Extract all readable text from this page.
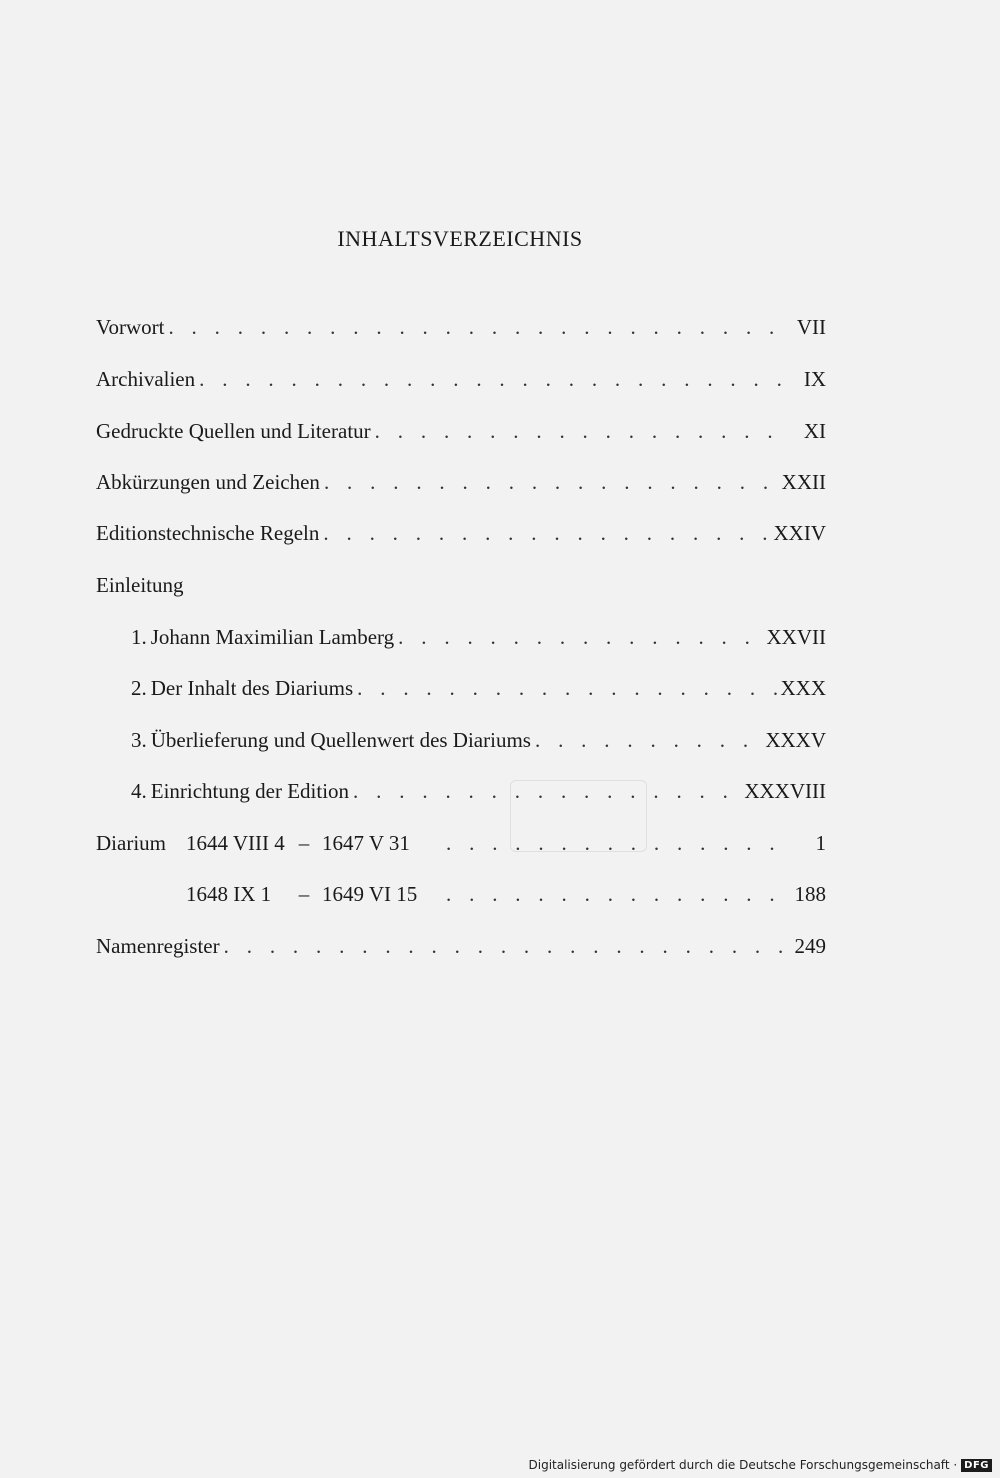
INHALTSVERZEICHNIS
Vorwort . . .	VII
Archivalien . . .	IX
Gedruckte Quellen und Literatur . . .	XI
Abkürzungen und Zeichen . . .	XXII
Editionstechnische Regeln . . .	XXIV
Einleitung
1. Johann Maximilian Lamberg . . .	XXVII
2. Der Inhalt des Diariums . . .	XXX
3. Überlieferung und Quellenwert des Diariums . . .	XXXV
4. Einrichtung der Edition . . .	XXXVIII
Diarium 1644 VIII 4 – 1647 V 31 . . .	1
1648 IX 1	– 1649 VI 15 . . .	188
Namenregister . . .	249
Digitalisierung gefördert durch die Deutsche Forschungsgemeinschaft · DFG
